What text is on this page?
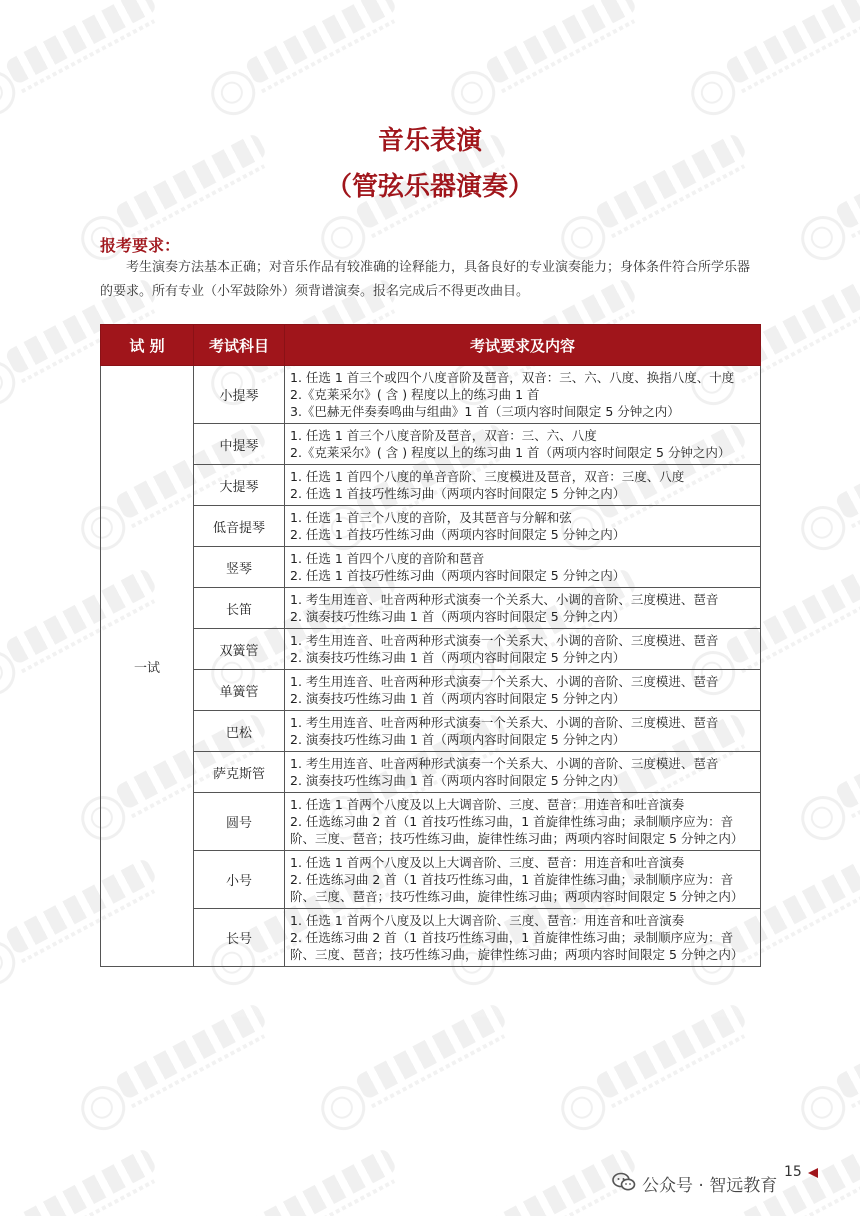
音乐表演
（管弦乐器演奏）
报考要求：
考生演奏方法基本正确；对音乐作品有较准确的诠释能力，具备良好的专业演奏能力；身体条件符合所学乐器的要求。所有专业（小军鼓除外）须背谱演奏。报名完成后不得更改曲目。
试 别	考试科目	考试要求及内容
一试	小提琴	1. 任选 1 首三个或四个八度音阶及琶音，双音：三、六、八度、换指八度、十度
2.《克莱采尔》( 含 ) 程度以上的练习曲 1 首
3.《巴赫无伴奏奏鸣曲与组曲》1 首（三项内容时间限定 5 分钟之内）

	中提琴	1. 任选 1 首三个八度音阶及琶音，双音：三、六、八度
2.《克莱采尔》( 含 ) 程度以上的练习曲 1 首（两项内容时间限定 5 分钟之内）

	大提琴	1. 任选 1 首四个八度的单音音阶、三度模进及琶音，双音：三度、八度
2. 任选 1 首技巧性练习曲（两项内容时间限定 5 分钟之内）

	低音提琴	1. 任选 1 首三个八度的音阶，及其琶音与分解和弦
2. 任选 1 首技巧性练习曲（两项内容时间限定 5 分钟之内）

	竖琴	1. 任选 1 首四个八度的音阶和琶音
2. 任选 1 首技巧性练习曲（两项内容时间限定 5 分钟之内）

	长笛	1. 考生用连音、吐音两种形式演奏一个关系大、小调的音阶、三度模进、琶音
2. 演奏技巧性练习曲 1 首（两项内容时间限定 5 分钟之内）

	双簧管	1. 考生用连音、吐音两种形式演奏一个关系大、小调的音阶、三度模进、琶音
2. 演奏技巧性练习曲 1 首（两项内容时间限定 5 分钟之内）

	单簧管	1. 考生用连音、吐音两种形式演奏一个关系大、小调的音阶、三度模进、琶音
2. 演奏技巧性练习曲 1 首（两项内容时间限定 5 分钟之内）

	巴松	1. 考生用连音、吐音两种形式演奏一个关系大、小调的音阶、三度模进、琶音
2. 演奏技巧性练习曲 1 首（两项内容时间限定 5 分钟之内）

	萨克斯管	1. 考生用连音、吐音两种形式演奏一个关系大、小调的音阶、三度模进、琶音
2. 演奏技巧性练习曲 1 首（两项内容时间限定 5 分钟之内）

	圆号	1. 任选 1 首两个八度及以上大调音阶、三度、琶音：用连音和吐音演奏
2. 任选练习曲 2 首（1 首技巧性练习曲，1 首旋律性练习曲；录制顺序应为：音阶、三度、琶音；技巧性练习曲，旋律性练习曲；两项内容时间限定 5 分钟之内）

	小号	1. 任选 1 首两个八度及以上大调音阶、三度、琶音：用连音和吐音演奏
2. 任选练习曲 2 首（1 首技巧性练习曲，1 首旋律性练习曲；录制顺序应为：音阶、三度、琶音；技巧性练习曲，旋律性练习曲；两项内容时间限定 5 分钟之内）

	长号	1. 任选 1 首两个八度及以上大调音阶、三度、琶音：用连音和吐音演奏
2. 任选练习曲 2 首（1 首技巧性练习曲，1 首旋律性练习曲；录制顺序应为：音阶、三度、琶音；技巧性练习曲，旋律性练习曲；两项内容时间限定 5 分钟之内）
公众号 · 智远教育
15
